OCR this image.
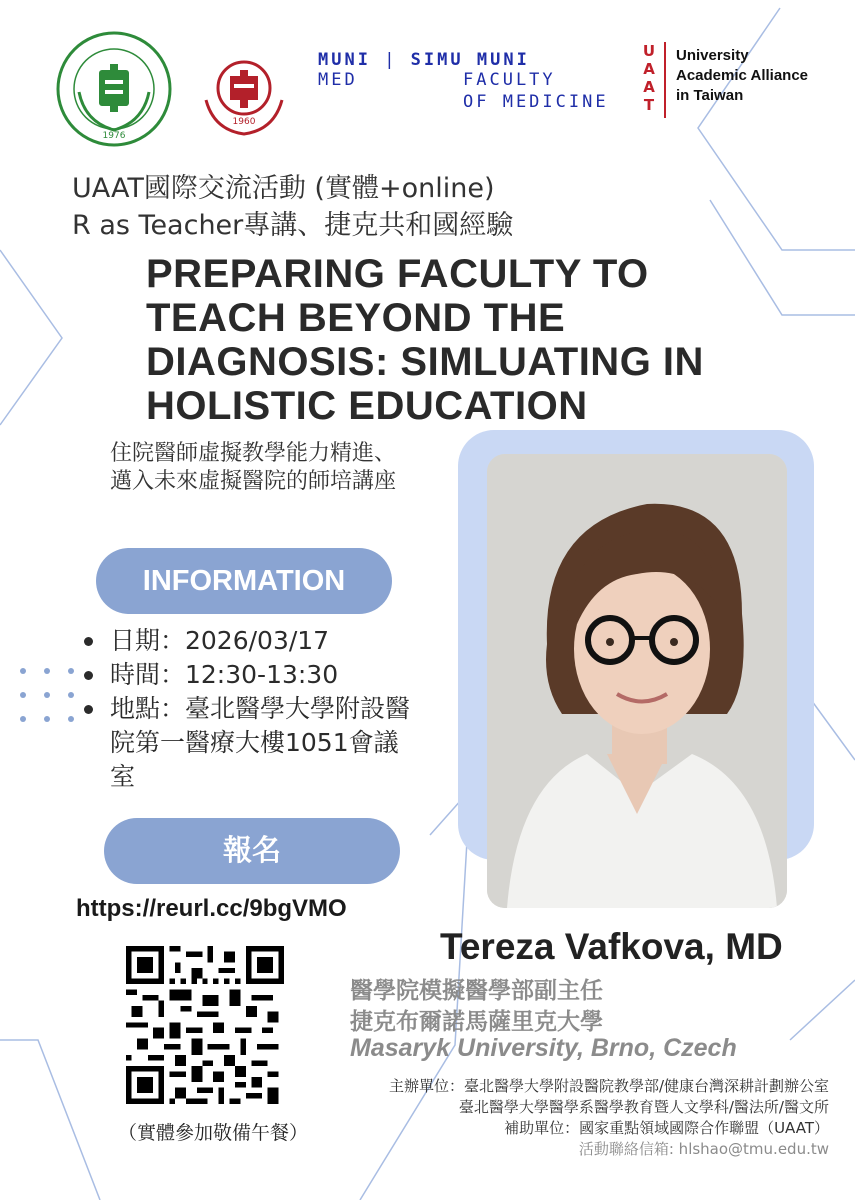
1976
1960
MUNI | SIMU MUNI
MED	FACULTY
OF MEDICINE
U
A
A
T
University
Academic Alliance
in Taiwan
UAAT國際交流活動 (實體+online)
R as Teacher專講、捷克共和國經驗
PREPARING FACULTY TO TEACH BEYOND THE DIAGNOSIS: SIMLUATING IN HOLISTIC EDUCATION
住院醫師虛擬教學能力精進、邁入未來虛擬醫院的師培講座
INFORMATION
日期：2026/03/17
時間：12:30-13:30
地點：臺北醫學大學附設醫院第一醫療大樓1051會議室
報名
https://reurl.cc/9bgVMO
（實體參加敬備午餐）
Tereza Vafkova, MD
醫學院模擬醫學部副主任
捷克布爾諾馬薩里克大學
Masaryk University, Brno, Czech
主辦單位：臺北醫學大學附設醫院教學部/健康台灣深耕計劃辦公室
臺北醫學大學醫學系醫學教育暨人文學科/醫法所/醫文所
補助單位：國家重點領域國際合作聯盟（UAAT）
活動聯絡信箱: hlshao@tmu.edu.tw
